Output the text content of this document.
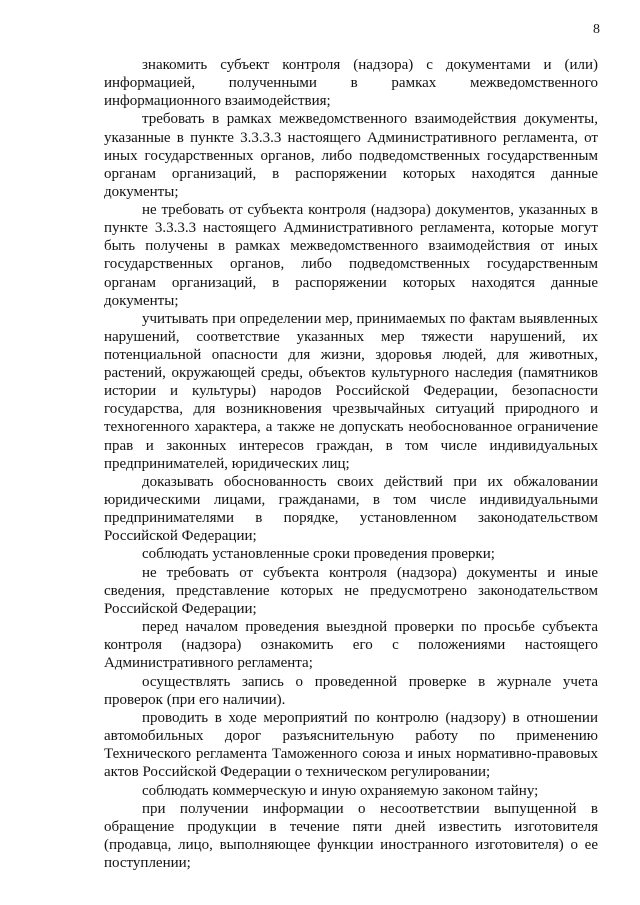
8

знакомить субъект контроля (надзора) с документами и (или) информацией, полученными в рамках межведомственного информационного взаимодействия;

требовать в рамках межведомственного взаимодействия документы, указанные в пункте 3.3.3.3 настоящего Административного регламента, от иных государственных органов, либо подведомственных государственным органам организаций, в распоряжении которых находятся данные документы;

не требовать от субъекта контроля (надзора) документов, указанных в пункте 3.3.3.3 настоящего Административного регламента, которые могут быть получены в рамках межведомственного взаимодействия от иных государственных органов, либо подведомственных государственным органам организаций, в распоряжении которых находятся данные документы;

учитывать при определении мер, принимаемых по фактам выявленных нарушений, соответствие указанных мер тяжести нарушений, их потенциальной опасности для жизни, здоровья людей, для животных, растений, окружающей среды, объектов культурного наследия (памятников истории и культуры) народов Российской Федерации, безопасности государства, для возникновения чрезвычайных ситуаций природного и техногенного характера, а также не допускать необоснованное ограничение прав и законных интересов граждан, в том числе индивидуальных предпринимателей, юридических лиц;

доказывать обоснованность своих действий при их обжаловании юридическими лицами, гражданами, в том числе индивидуальными предпринимателями в порядке, установленном законодательством Российской Федерации;

соблюдать установленные сроки проведения проверки;

не требовать от субъекта контроля (надзора) документы и иные сведения, представление которых не предусмотрено законодательством Российской Федерации;

перед началом проведения выездной проверки по просьбе субъекта контроля (надзора) ознакомить его с положениями настоящего Административного регламента;

осуществлять запись о проведенной проверке в журнале учета проверок (при его наличии).

проводить в ходе мероприятий по контролю (надзору) в отношении автомобильных дорог разъяснительную работу по применению Технического регламента Таможенного союза и иных нормативно-правовых актов Российской Федерации о техническом регулировании;

соблюдать коммерческую и иную охраняемую законом тайну;

при получении информации о несоответствии выпущенной в обращение продукции в течение пяти дней известить изготовителя (продавца, лицо, выполняющее функции иностранного изготовителя) о ее поступлении;
